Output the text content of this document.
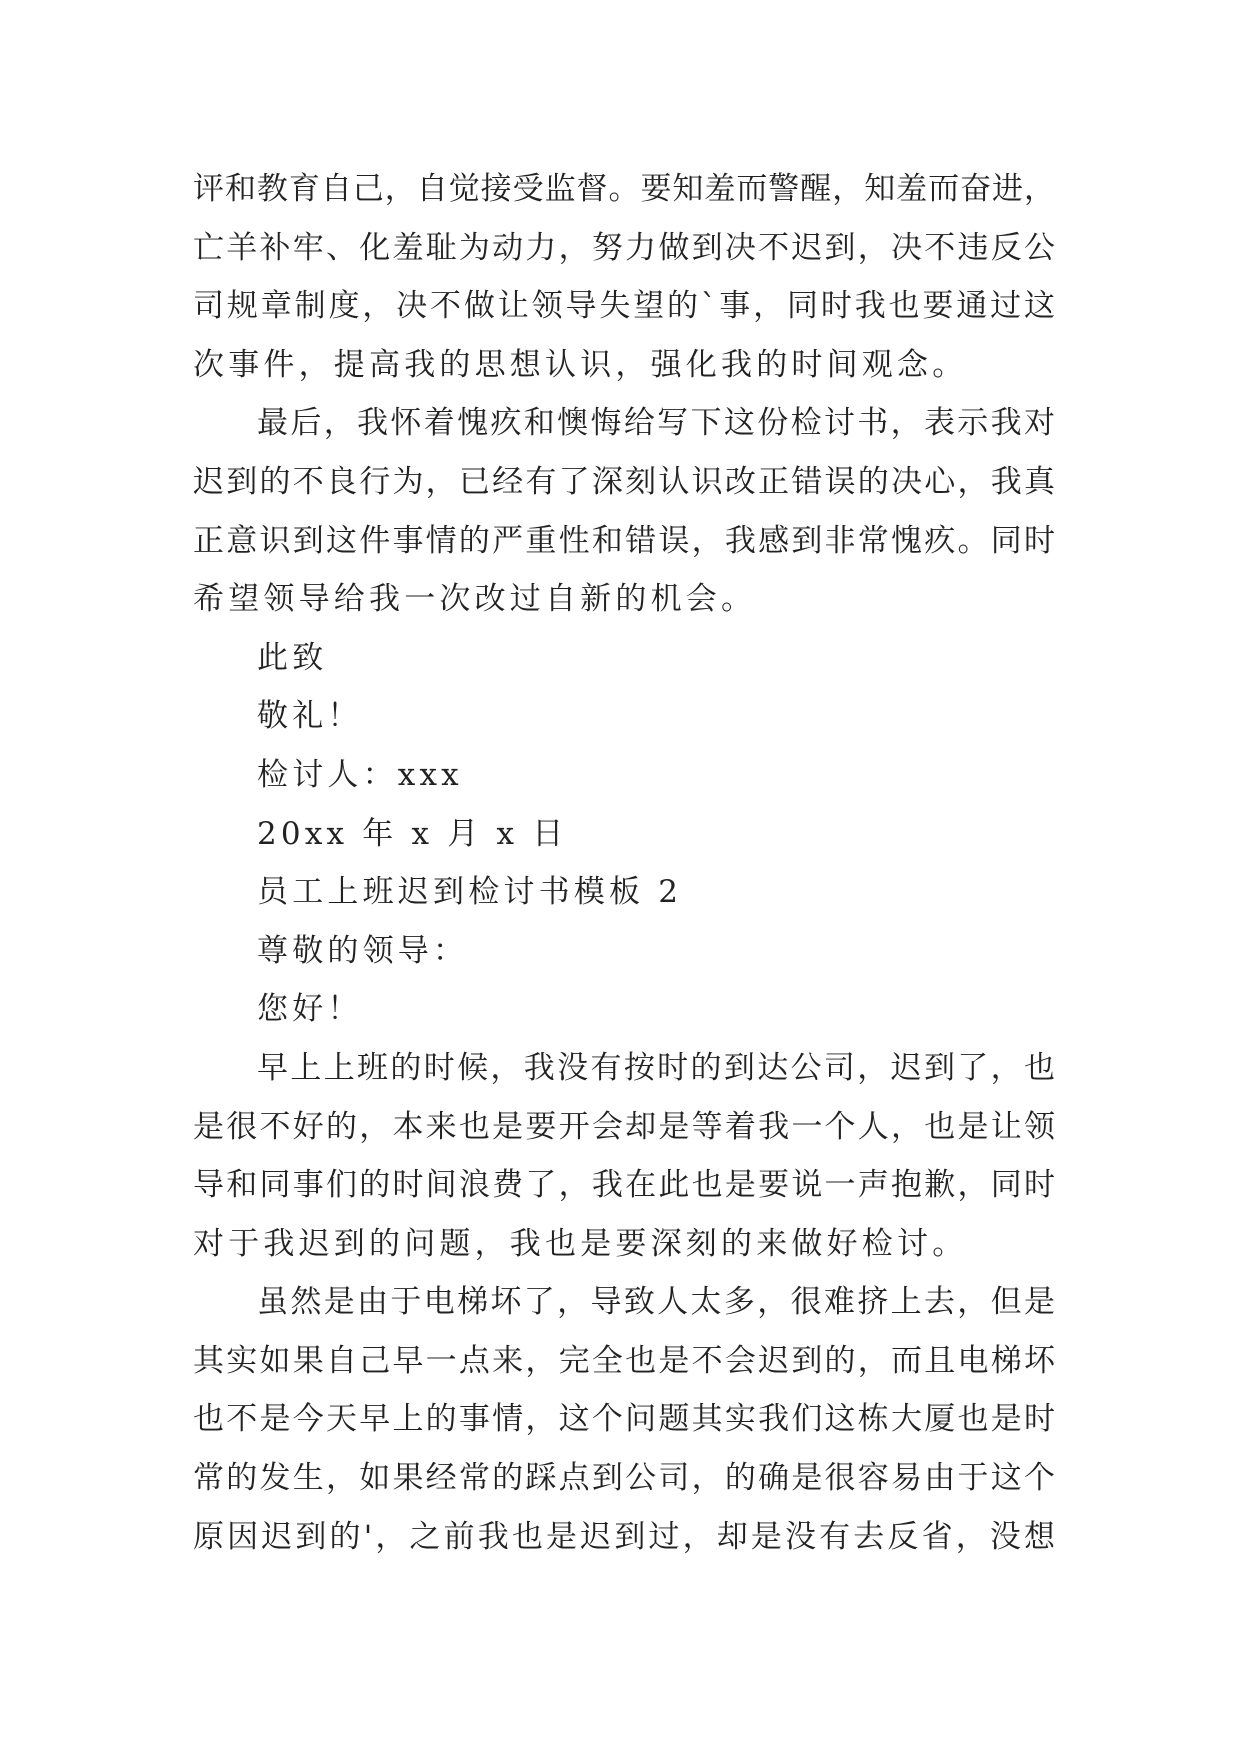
评和教育自己，自觉接受监督。要知羞而警醒，知羞而奋进，
亡羊补牢、化羞耻为动力，努力做到决不迟到，决不违反公
司规章制度，决不做让领导失望的`事，同时我也要通过这
次事件，提高我的思想认识，强化我的时间观念。
最后，我怀着愧疚和懊悔给写下这份检讨书，表示我对
迟到的不良行为，已经有了深刻认识改正错误的决心，我真
正意识到这件事情的严重性和错误，我感到非常愧疚。同时
希望领导给我一次改过自新的机会。
此致
敬礼！
检讨人：xxx
20xx 年 x 月 x 日
员工上班迟到检讨书模板 2
尊敬的领导：
您好！
早上上班的时候，我没有按时的到达公司，迟到了，也
是很不好的，本来也是要开会却是等着我一个人，也是让领
导和同事们的时间浪费了，我在此也是要说一声抱歉，同时
对于我迟到的问题，我也是要深刻的来做好检讨。
虽然是由于电梯坏了，导致人太多，很难挤上去，但是
其实如果自己早一点来，完全也是不会迟到的，而且电梯坏
也不是今天早上的事情，这个问题其实我们这栋大厦也是时
常的发生，如果经常的踩点到公司，的确是很容易由于这个
原因迟到的'，之前我也是迟到过，却是没有去反省，没想
